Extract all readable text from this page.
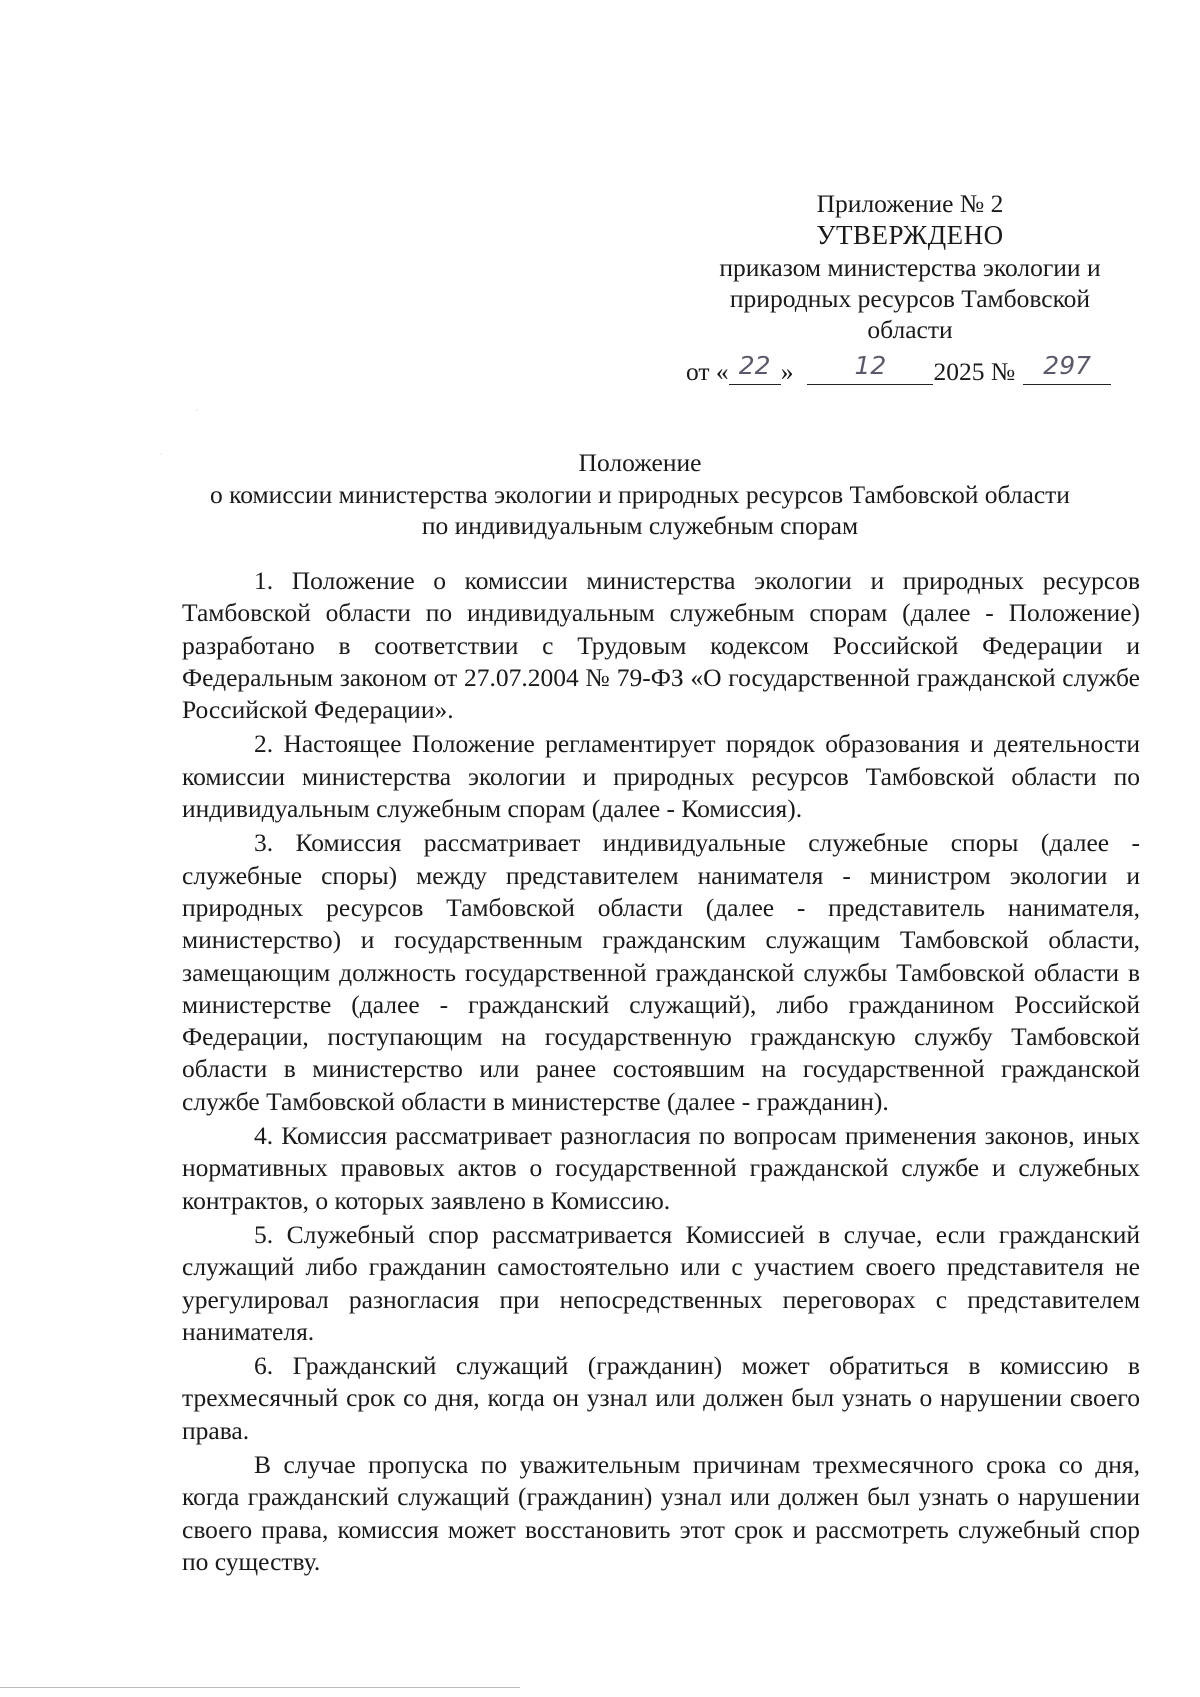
Приложение № 2
УТВЕРЖДЕНО
приказом министерства экологии и
природных ресурсов Тамбовской
области
от « 22 » 12 2025 № 297
Положение
о комиссии министерства экологии и природных ресурсов Тамбовской области
по индивидуальным служебным спорам

1. Положение о комиссии министерства экологии и природных ресурсов Тамбовской области по индивидуальным служебным спорам (далее - Положение) разработано в соответствии с Трудовым кодексом Российской Федерации и Федеральным законом от 27.07.2004 № 79-ФЗ «О государственной гражданской службе Российской Федерации».

2. Настоящее Положение регламентирует порядок образования и деятельности комиссии министерства экологии и природных ресурсов Тамбовской области по индивидуальным служебным спорам (далее - Комиссия).

3. Комиссия рассматривает индивидуальные служебные споры (далее - служебные споры) между представителем нанимателя - министром экологии и природных ресурсов Тамбовской области (далее - представитель нанимателя, министерство) и государственным гражданским служащим Тамбовской области, замещающим должность государственной гражданской службы Тамбовской области в министерстве (далее - гражданский служащий), либо гражданином Российской Федерации, поступающим на государственную гражданскую службу Тамбовской области в министерство или ранее состоявшим на государственной гражданской службе Тамбовской области в министерстве (далее - гражданин).

4. Комиссия рассматривает разногласия по вопросам применения законов, иных нормативных правовых актов о государственной гражданской службе и служебных контрактов, о которых заявлено в Комиссию.

5. Служебный спор рассматривается Комиссией в случае, если гражданский служащий либо гражданин самостоятельно или с участием своего представителя не урегулировал разногласия при непосредственных переговорах с представителем нанимателя.

6. Гражданский служащий (гражданин) может обратиться в комиссию в трехмесячный срок со дня, когда он узнал или должен был узнать о нарушении своего права.

В случае пропуска по уважительным причинам трехмесячного срока со дня, когда гражданский служащий (гражданин) узнал или должен был узнать о нарушении своего права, комиссия может восстановить этот срок и рассмотреть служебный спор по существу.

·
·
